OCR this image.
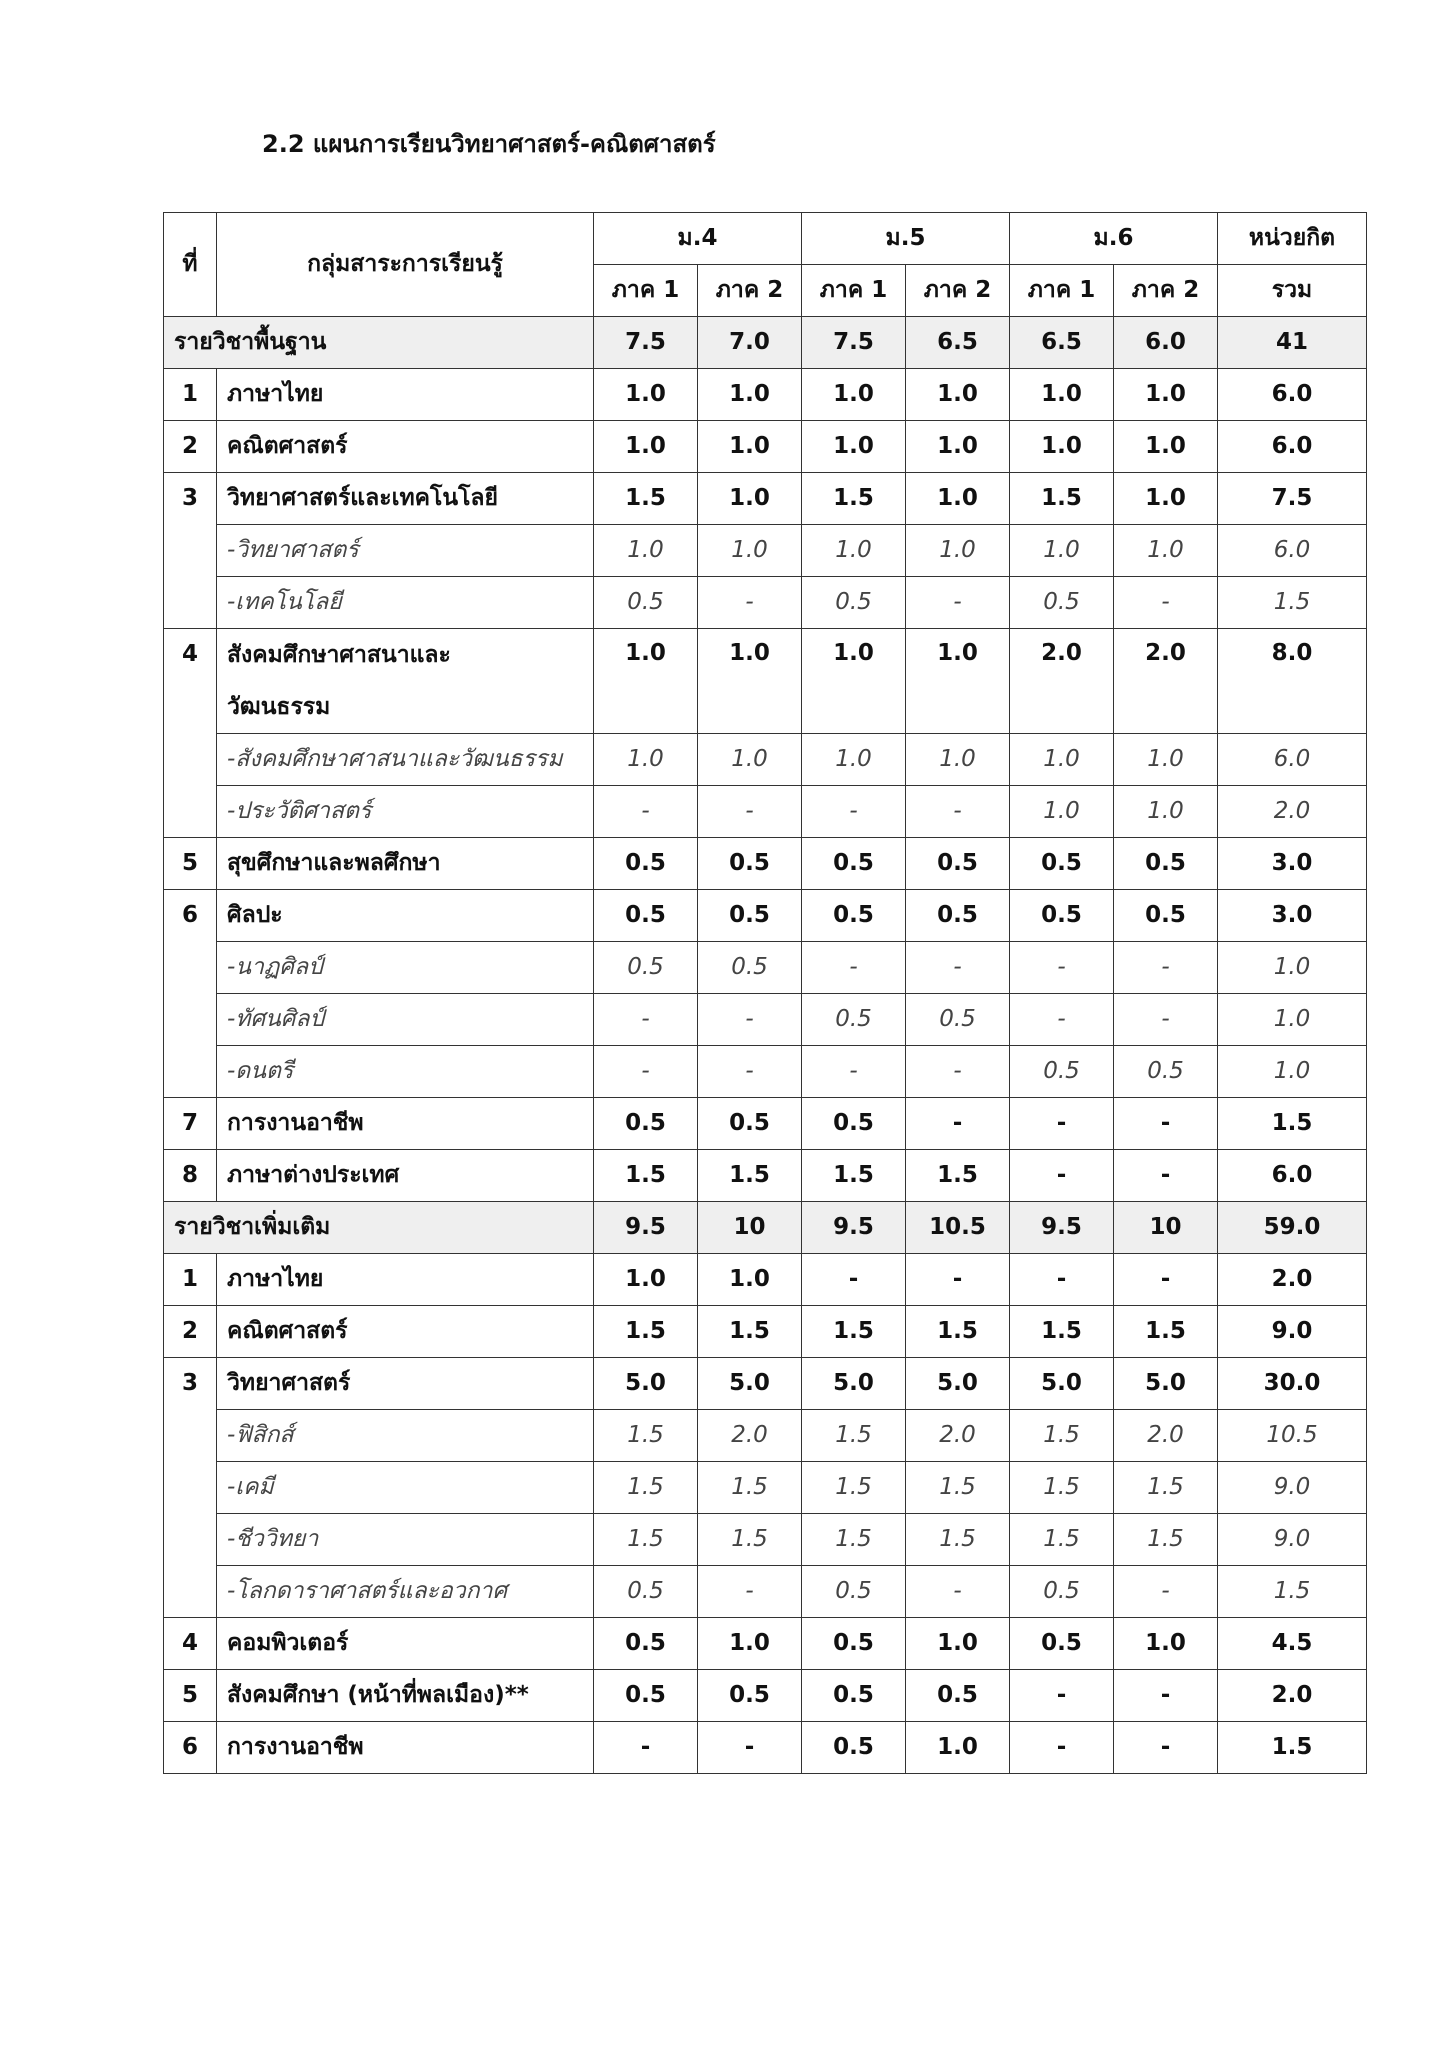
2.2 แผนการเรียนวิทยาศาสตร์-คณิตศาสตร์
ที่	กลุ่มสาระการเรียนรู้	ม.4		ม.5		ม.6		หน่วยกิต
		ภาค 1	ภาค 2	ภาค 1	ภาค 2	ภาค 1	ภาค 2	รวม
รายวิชาพื้นฐาน		7.5	7.0	7.5	6.5	6.5	6.0	41
1	ภาษาไทย	1.0	1.0	1.0	1.0	1.0	1.0	6.0
2	คณิตศาสตร์	1.0	1.0	1.0	1.0	1.0	1.0	6.0
3	วิทยาศาสตร์และเทคโนโลยี	1.5	1.0	1.5	1.0	1.5	1.0	7.5
	-วิทยาศาสตร์	1.0	1.0	1.0	1.0	1.0	1.0	6.0
	-เทคโนโลยี	0.5	-	0.5	-	0.5	-	1.5
4	สังคมศึกษาศาสนาและ
วัฒนธรรม	1.0	1.0	1.0	1.0	2.0	2.0	8.0
	-สังคมศึกษาศาสนาและวัฒนธรรม	1.0	1.0	1.0	1.0	1.0	1.0	6.0
	-ประวัติศาสตร์	-	-	-	-	1.0	1.0	2.0
5	สุขศึกษาและพลศึกษา	0.5	0.5	0.5	0.5	0.5	0.5	3.0
6	ศิลปะ	0.5	0.5	0.5	0.5	0.5	0.5	3.0
	-นาฏศิลป์	0.5	0.5	-	-	-	-	1.0
	-ทัศนศิลป์	-	-	0.5	0.5	-	-	1.0
	-ดนตรี	-	-	-	-	0.5	0.5	1.0
7	การงานอาชีพ	0.5	0.5	0.5	-	-	-	1.5
8	ภาษาต่างประเทศ	1.5	1.5	1.5	1.5	-	-	6.0
รายวิชาเพิ่มเติม		9.5	10	9.5	10.5	9.5	10	59.0
1	ภาษาไทย	1.0	1.0	-	-	-	-	2.0
2	คณิตศาสตร์	1.5	1.5	1.5	1.5	1.5	1.5	9.0
3	วิทยาศาสตร์	5.0	5.0	5.0	5.0	5.0	5.0	30.0
	-ฟิสิกส์	1.5	2.0	1.5	2.0	1.5	2.0	10.5
	-เคมี	1.5	1.5	1.5	1.5	1.5	1.5	9.0
	-ชีววิทยา	1.5	1.5	1.5	1.5	1.5	1.5	9.0
	-โลกดาราศาสตร์และอวกาศ	0.5	-	0.5	-	0.5	-	1.5
4	คอมพิวเตอร์	0.5	1.0	0.5	1.0	0.5	1.0	4.5
5	สังคมศึกษา (หน้าที่พลเมือง)**	0.5	0.5	0.5	0.5	-	-	2.0
6	การงานอาชีพ	-	-	0.5	1.0	-	-	1.5
